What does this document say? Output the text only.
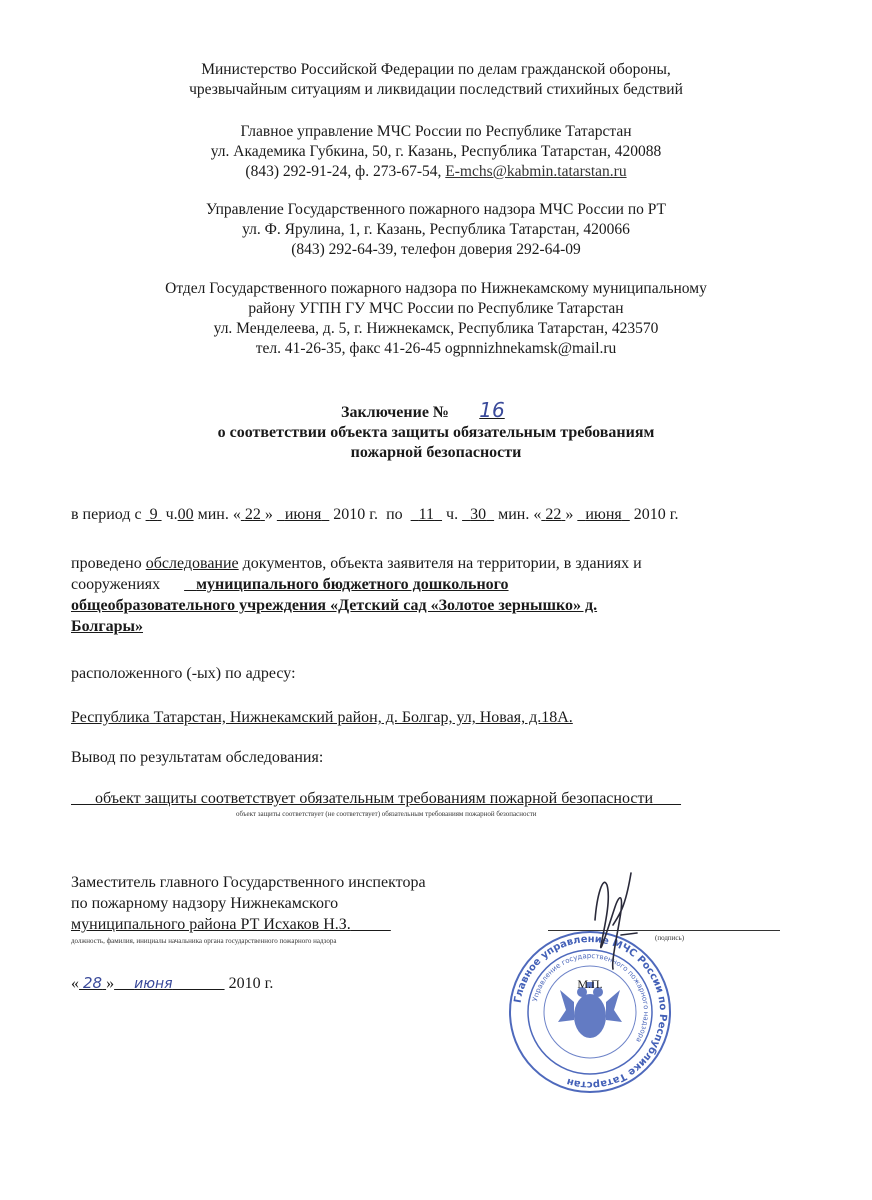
Министерство Российской Федерации по делам гражданской обороны,
чрезвычайным ситуациям и ликвидации последствий стихийных бедствий
Главное управление МЧС России по Республике Татарстан
ул. Академика Губкина, 50, г. Казань, Республика Татарстан, 420088
(843) 292-91-24, ф. 273-67-54, E-mchs@kabmin.tatarstan.ru
Управление Государственного пожарного надзора МЧС России по РТ
ул. Ф. Ярулина, 1, г. Казань, Республика Татарстан, 420066
(843) 292-64-39, телефон доверия 292-64-09
Отдел Государственного пожарного надзора по Нижнекамскому муниципальному
району УГПН ГУ МЧС России по Республике Татарстан
ул. Менделеева, д. 5, г. Нижнекамск, Республика Татарстан, 423570
тел. 41-26-35, факс 41-26-45 ogpnnizhnekamsk@mail.ru
Заключение № 16
о соответствии объекта защиты обязательным требованиям
пожарной безопасности
в период с 9 ч.00 мин. « 22 »   июня 2010 г. по 11 ч. 30 мин. « 22 »   июня 2010 г.
проведено обследование документов, объекта заявителя на территории, в зданиях и
сооружениях муниципального бюджетного дошкольного
общеобразовательного учреждения «Детский сад «Золотое зернышко» д.
Болгары»
расположенного (-ых) по адресу:
Республика Татарстан, Нижнекамский район, д. Болгар, ул, Новая, д.18А.
Вывод по результатам обследования:
объект защиты соответствует обязательным требованиям пожарной безопасности
объект защиты соответствует (не соответствует) обязательным требованиям пожарной безопасности
Заместитель главного Государственного инспектора
по пожарному надзору Нижнекамского
муниципального района РТ Исхаков Н.З.
должность, фамилия, инициалы начальника органа государственного пожарного надзора	(подпись)
« 28 » июня	2010 г.
Главное управление МЧС России по Республике Татарстан
Управление государственного пожарного надзора
М.П.
